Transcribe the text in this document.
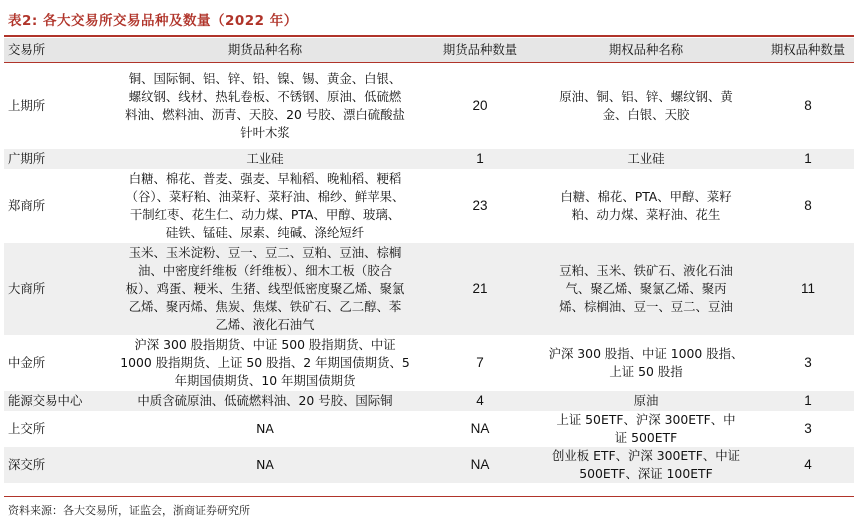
表2: 各大交易所交易品种及数量（2022 年）
交易所	期货品种名称	期货品种数量	期权品种名称	期权品种数量
上期所	铜、国际铜、铝、锌、铅、镍、锡、黄金、白银、
螺纹钢、线材、热轧卷板、不锈钢、原油、低硫燃
料油、燃料油、沥青、天胶、20 号胶、漂白硫酸盐
针叶木浆	20	原油、铜、铝、锌、螺纹钢、黄
金、白银、天胶	8
广期所	工业硅	1	工业硅	1
郑商所	白糖、棉花、普麦、强麦、早籼稻、晚籼稻、粳稻
（谷）、菜籽粕、油菜籽、菜籽油、棉纱、鲜苹果、
干制红枣、花生仁、动力煤、PTA、甲醇、玻璃、
硅铁、锰硅、尿素、纯碱、涤纶短纤	23	白糖、棉花、PTA、甲醇、菜籽
粕、动力煤、菜籽油、花生	8
大商所	玉米、玉米淀粉、豆一、豆二、豆粕、豆油、棕榈
油、中密度纤维板（纤维板）、细木工板（胶合
板）、鸡蛋、粳米、生猪、线型低密度聚乙烯、聚氯
乙烯、聚丙烯、焦炭、焦煤、铁矿石、乙二醇、苯
乙烯、液化石油气	21	豆粕、玉米、铁矿石、液化石油
气、聚乙烯、聚氯乙烯、聚丙
烯、棕榈油、豆一、豆二、豆油	11
中金所	沪深 300 股指期货、中证 500 股指期货、中证
1000 股指期货、上证 50 股指、2 年期国债期货、5
年期国债期货、10 年期国债期货	7	沪深 300 股指、中证 1000 股指、
上证 50 股指	3
能源交易中心	中质含硫原油、低硫燃料油、20 号胶、国际铜	4	原油	1
上交所	NA	NA	上证 50ETF、沪深 300ETF、中
证 500ETF	3
深交所	NA	NA	创业板 ETF、沪深 300ETF、中证
500ETF、深证 100ETF	4
资料来源：各大交易所，证监会，浙商证券研究所
